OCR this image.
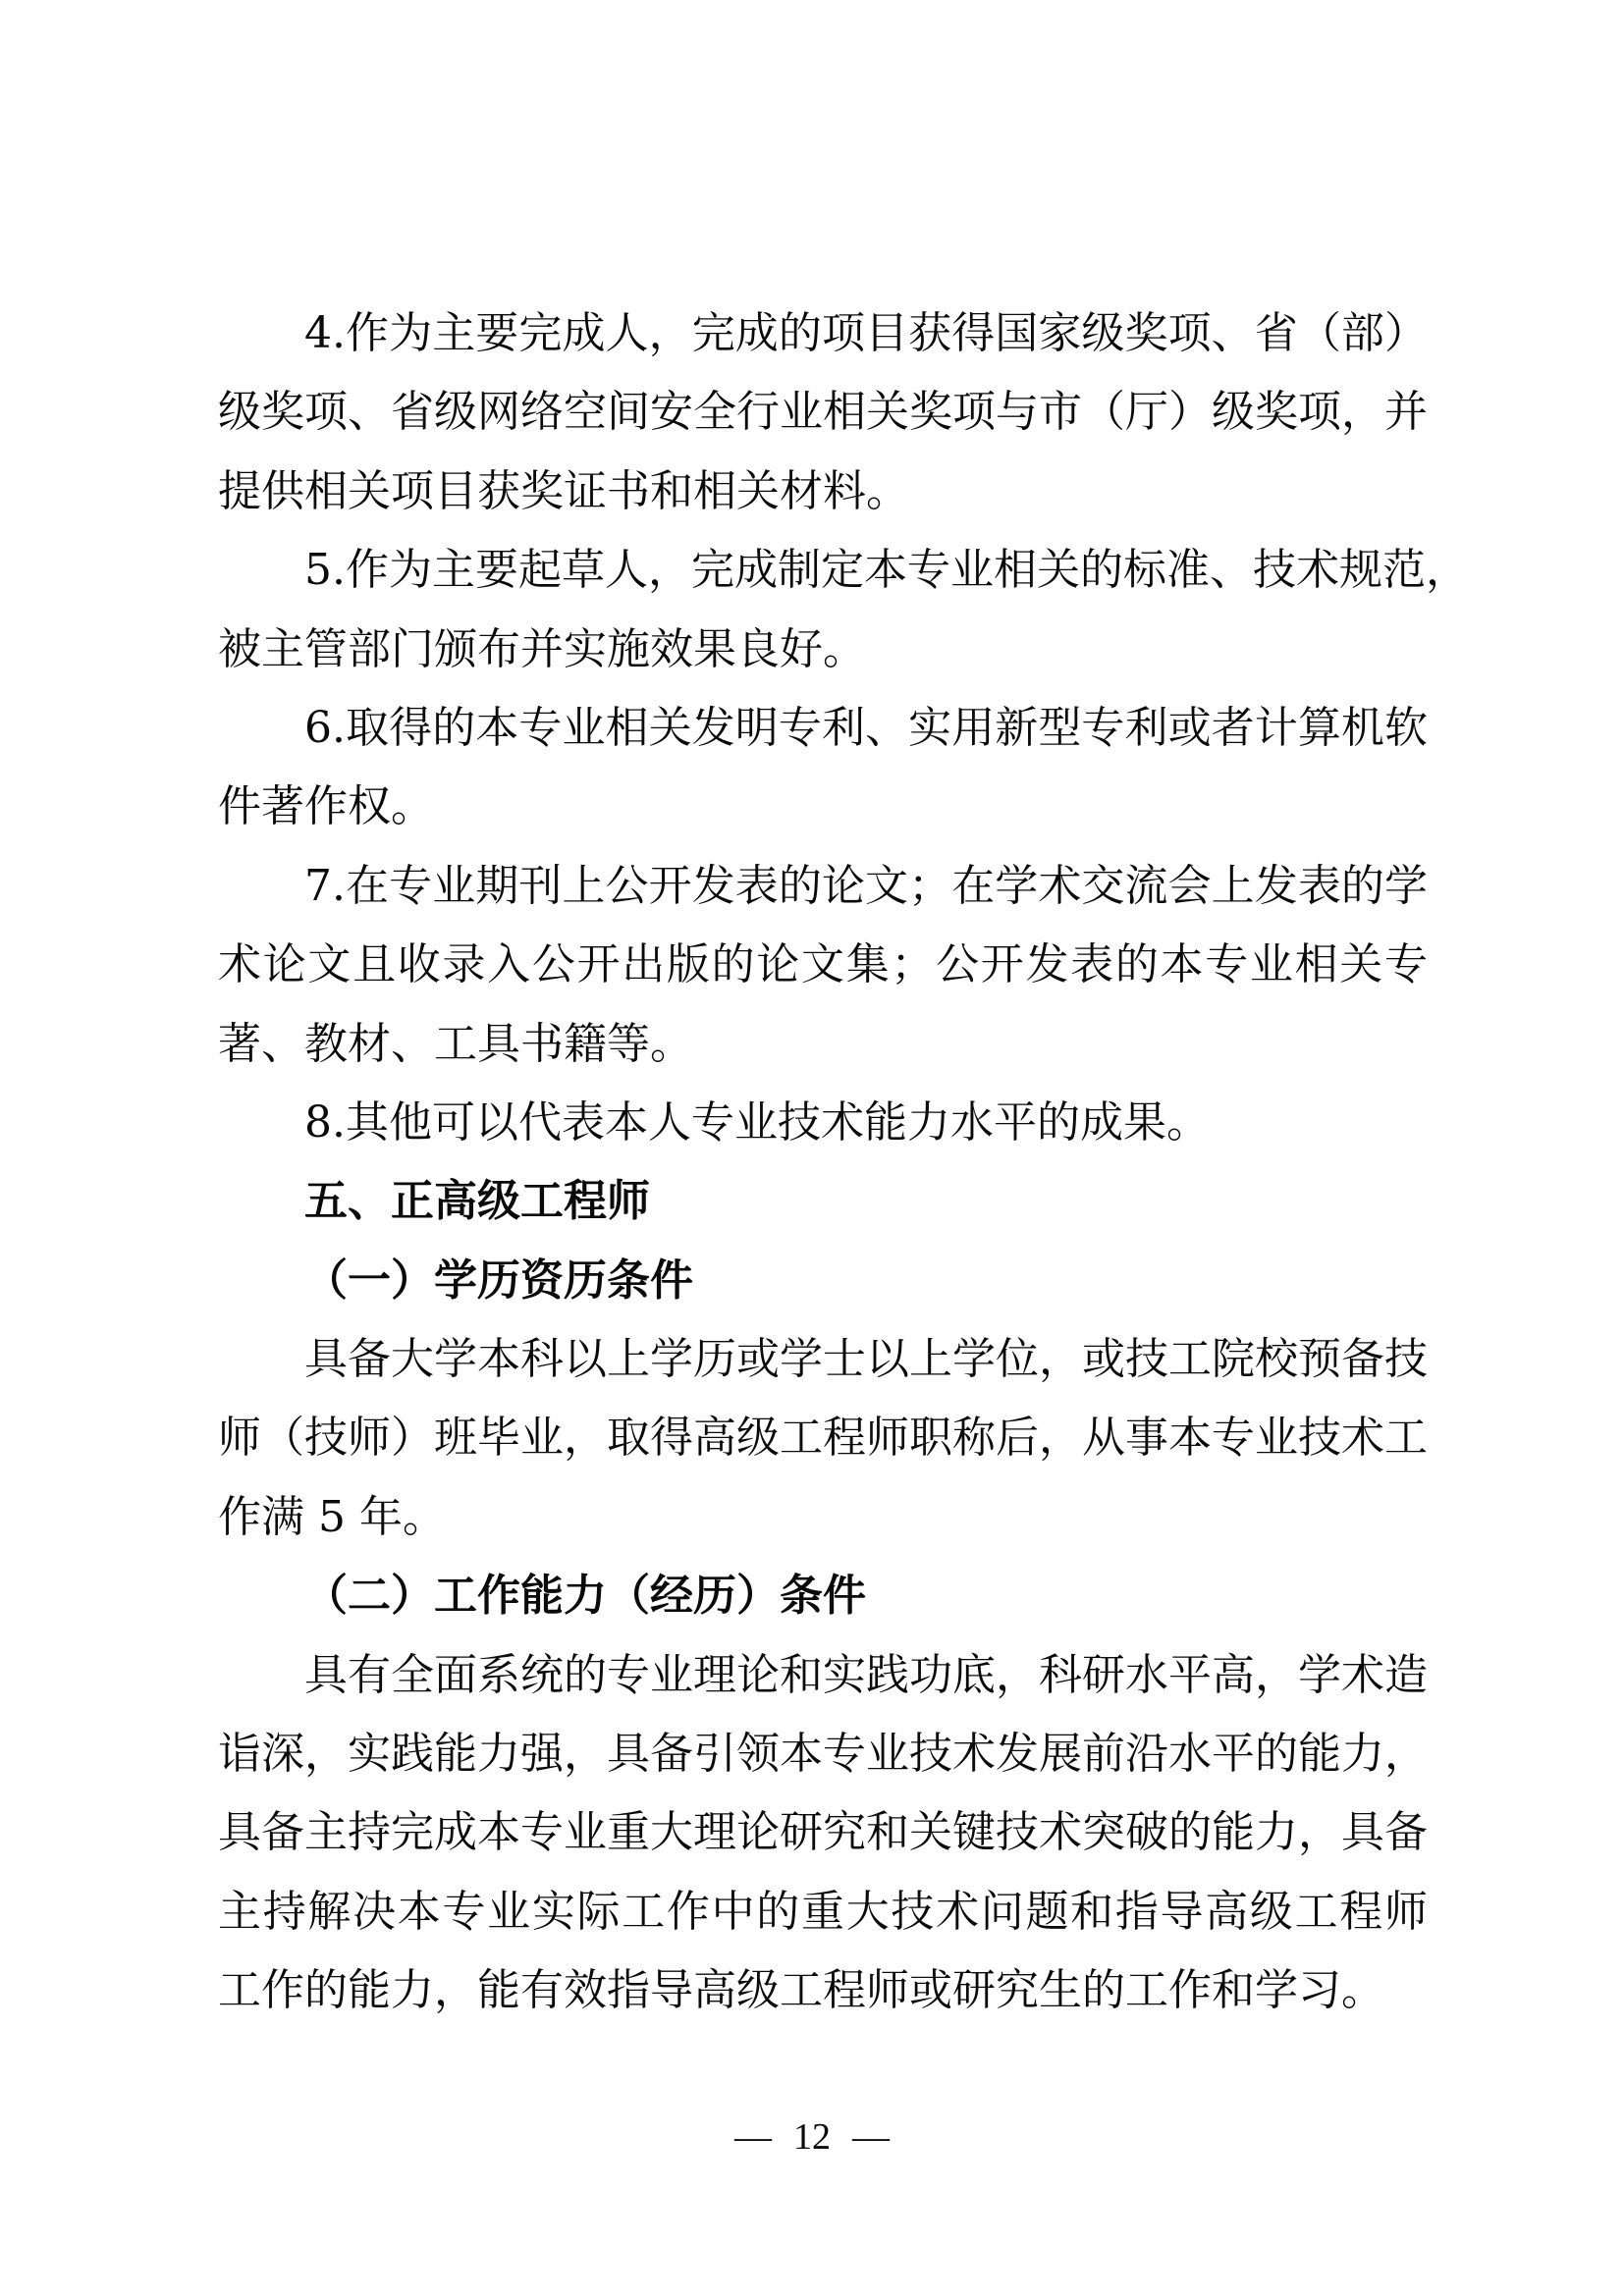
4.作为主要完成人，完成的项目获得国家级奖项、省（部）
级奖项、省级网络空间安全行业相关奖项与市（厅）级奖项，并
提供相关项目获奖证书和相关材料。
5.作为主要起草人，完成制定本专业相关的标准、技术规范，
被主管部门颁布并实施效果良好。
6.取得的本专业相关发明专利、实用新型专利或者计算机软
件著作权。
7.在专业期刊上公开发表的论文；在学术交流会上发表的学
术论文且收录入公开出版的论文集；公开发表的本专业相关专
著、教材、工具书籍等。
8.其他可以代表本人专业技术能力水平的成果。
五、正高级工程师
（一）学历资历条件
具备大学本科以上学历或学士以上学位，或技工院校预备技
师（技师）班毕业，取得高级工程师职称后，从事本专业技术工
作满 5 年。
（二）工作能力（经历）条件
具有全面系统的专业理论和实践功底，科研水平高，学术造
诣深，实践能力强，具备引领本专业技术发展前沿水平的能力，
具备主持完成本专业重大理论研究和关键技术突破的能力，具备
主持解决本专业实际工作中的重大技术问题和指导高级工程师
工作的能力，能有效指导高级工程师或研究生的工作和学习。
— 12 —
